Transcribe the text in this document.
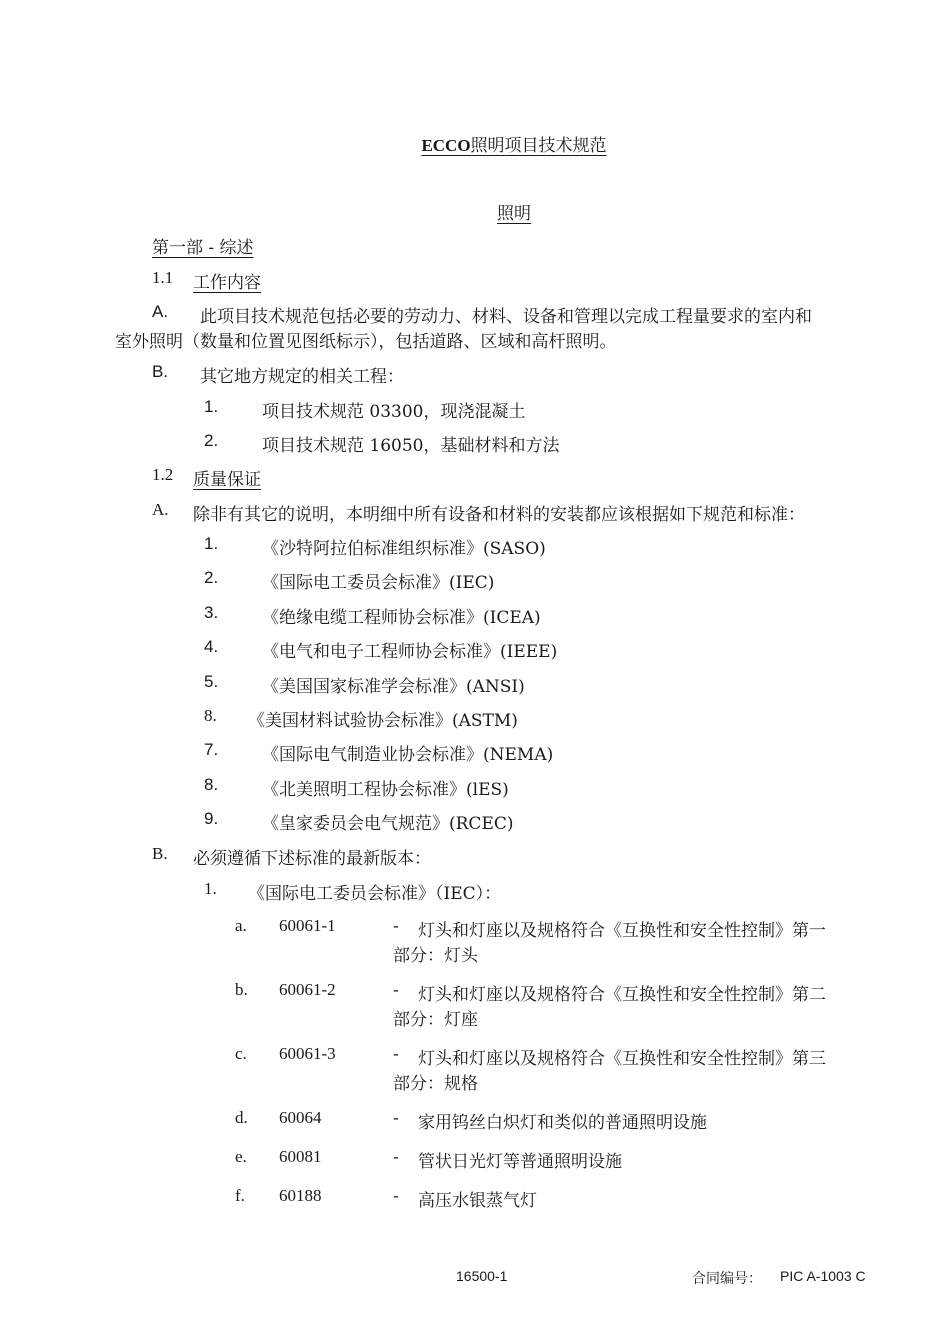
ECCO照明项目技术规范
照明
第一部 - 综述
1.1 工作内容
A. 此项目技术规范包括必要的劳动力、材料、设备和管理以完成工程量要求的室内和
室外照明（数量和位置见图纸标示），包括道路、区域和高杆照明。
B. 其它地方规定的相关工程：
1.	项目技术规范 03300，现浇混凝土
2.	项目技术规范 16050，基础材料和方法
1.2 质量保证
A. 除非有其它的说明，本明细中所有设备和材料的安装都应该根据如下规范和标准：
1.	《沙特阿拉伯标准组织标准》(SASO)
2.	《国际电工委员会标准》(IEC)
3.	《绝缘电缆工程师协会标准》(ICEA)
4.	《电气和电子工程师协会标准》(IEEE)
5.	《美国国家标准学会标准》(ANSI)
8. 《美国材料试验协会标准》(ASTM)
7.	《国际电气制造业协会标准》(NEMA)
8.	《北美照明工程协会标准》(lES)
9.	《皇家委员会电气规范》(RCEC)
B. 必须遵循下述标准的最新版本：
1. 《国际电工委员会标准》（IEC）：
a. 60061-1	- 灯头和灯座以及规格符合《互换性和安全性控制》第一
部分：灯头
b. 60061-2	- 灯头和灯座以及规格符合《互换性和安全性控制》第二
部分：灯座
c. 60061-3	- 灯头和灯座以及规格符合《互换性和安全性控制》第三
部分：规格
d. 60064	- 家用钨丝白炽灯和类似的普通照明设施
e. 60081	- 管状日光灯等普通照明设施
f. 60188	- 高压水银蒸气灯
16500-1	合同编号： PIC A-1003 C
